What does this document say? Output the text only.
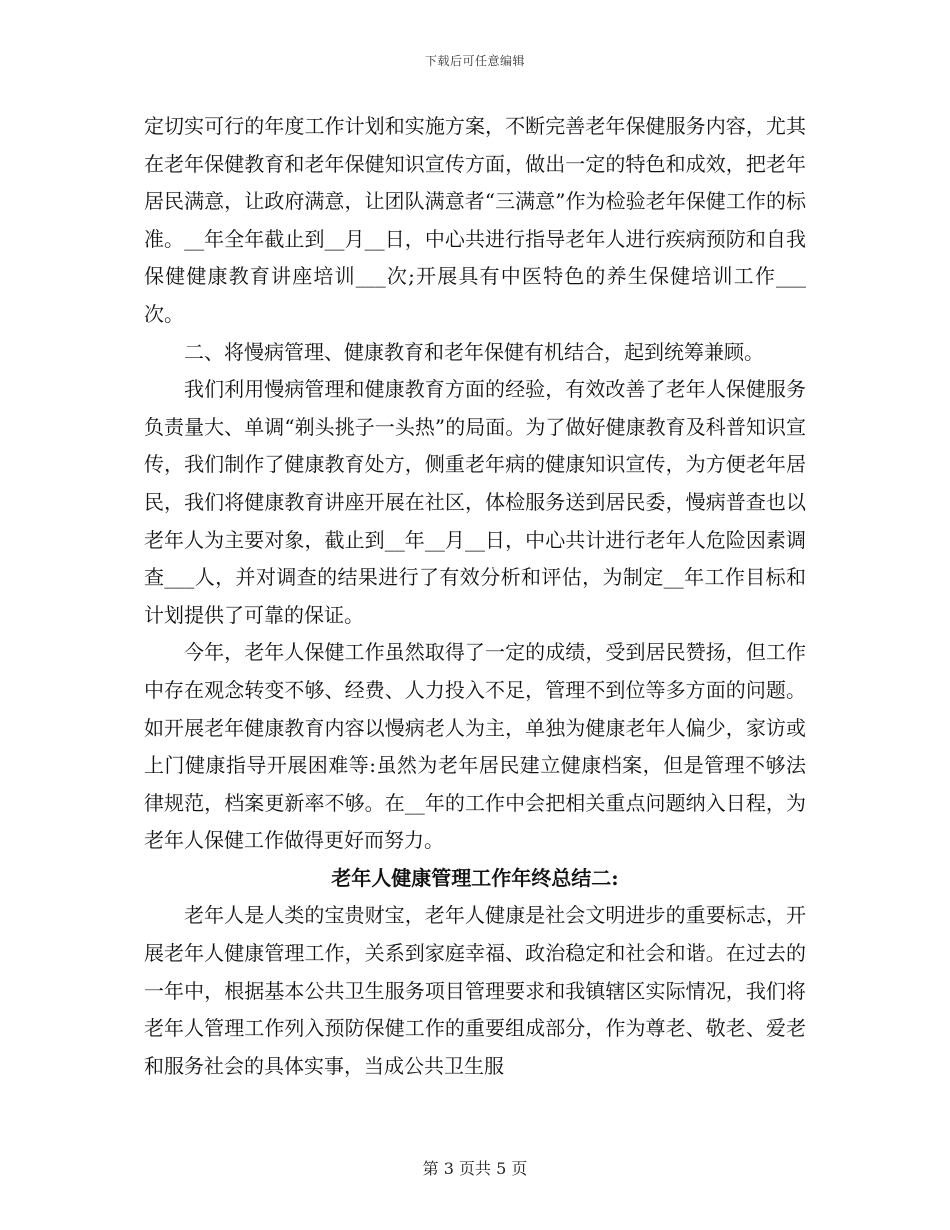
下载后可任意编辑

定切实可行的年度工作计划和实施方案，不断完善老年保健服务内容，尤其在老年保健教育和老年保健知识宣传方面，做出一定的特色和成效，把老年居民满意，让政府满意，让团队满意者“三满意”作为检验老年保健工作的标准。__年全年截止到__月__日，中心共进行指导老年人进行疾病预防和自我保健健康教育讲座培训___次;开展具有中医特色的养生保健培训工作___次。

二、将慢病管理、健康教育和老年保健有机结合，起到统筹兼顾。

我们利用慢病管理和健康教育方面的经验，有效改善了老年人保健服务负责量大、单调“剃头挑子一头热”的局面。为了做好健康教育及科普知识宣传，我们制作了健康教育处方，侧重老年病的健康知识宣传，为方便老年居民，我们将健康教育讲座开展在社区，体检服务送到居民委，慢病普查也以老年人为主要对象，截止到__年__月__日，中心共计进行老年人危险因素调查___人，并对调查的结果进行了有效分析和评估，为制定__年工作目标和计划提供了可靠的保证。

今年，老年人保健工作虽然取得了一定的成绩，受到居民赞扬，但工作中存在观念转变不够、经费、人力投入不足，管理不到位等多方面的问题。如开展老年健康教育内容以慢病老人为主，单独为健康老年人偏少，家访或上门健康指导开展困难等:虽然为老年居民建立健康档案，但是管理不够法律规范，档案更新率不够。在__年的工作中会把相关重点问题纳入日程，为老年人保健工作做得更好而努力。

老年人健康管理工作年终总结二:

老年人是人类的宝贵财宝，老年人健康是社会文明进步的重要标志，开展老年人健康管理工作，关系到家庭幸福、政治稳定和社会和谐。在过去的一年中，根据基本公共卫生服务项目管理要求和我镇辖区实际情况，我们将老年人管理工作列入预防保健工作的重要组成部分，作为尊老、敬老、爱老和服务社会的具体实事，当成公共卫生服

第 3 页共 5 页
